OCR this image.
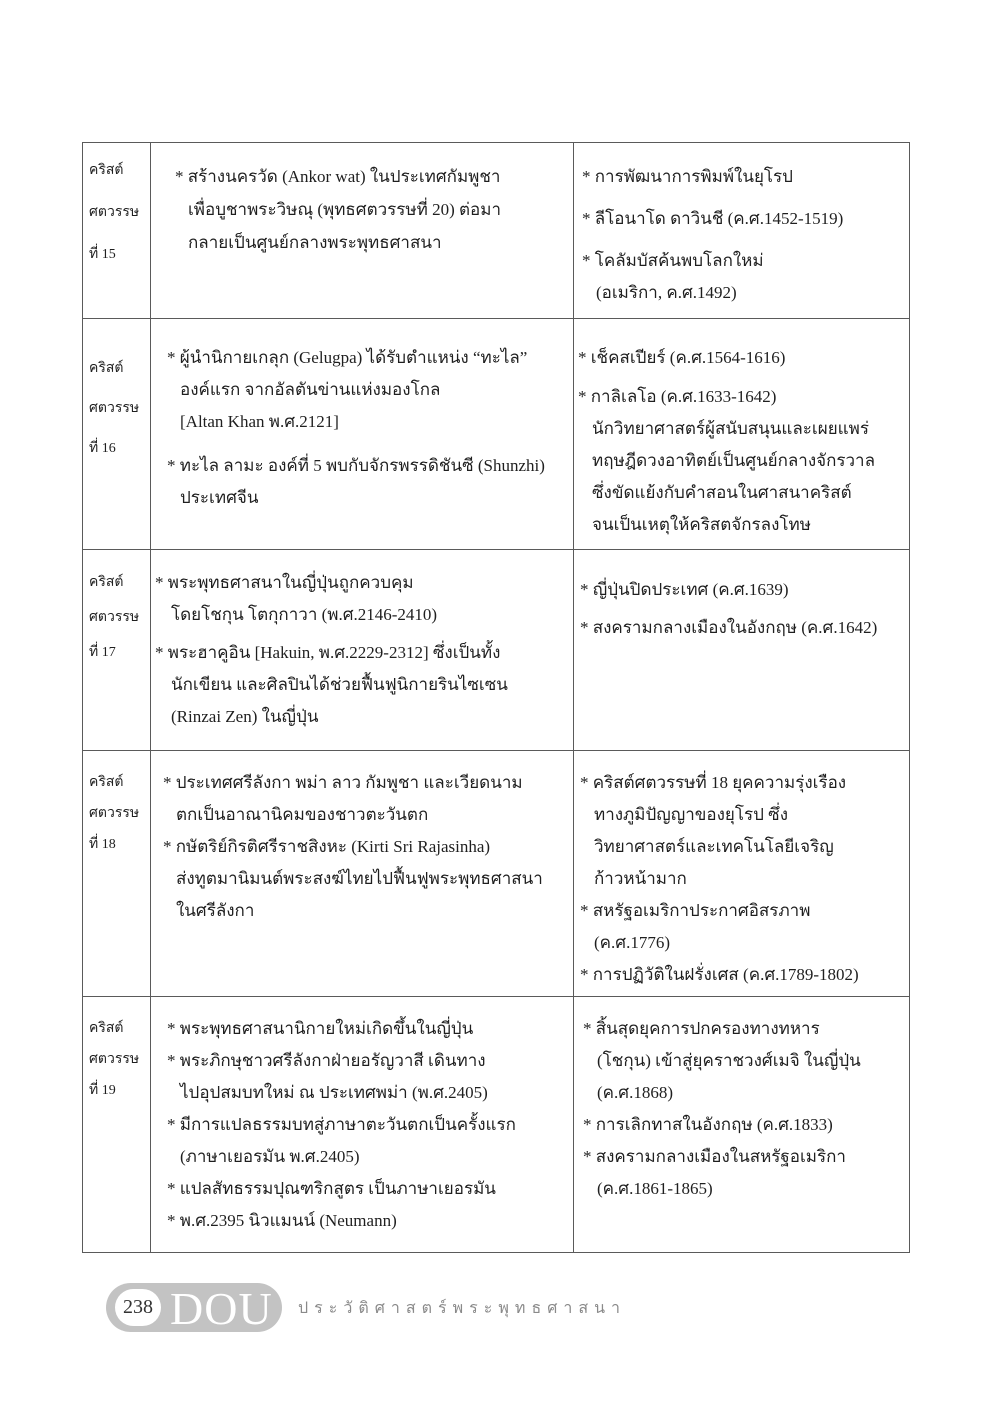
คริสต์
ศตวรรษ
ที่ 15
* สร้างนครวัด (Ankor wat) ในประเทศกัมพูชา
เพื่อบูชาพระวิษณุ (พุทธศตวรรษที่ 20) ต่อมา
กลายเป็นศูนย์กลางพระพุทธศาสนา
* การพัฒนาการพิมพ์ในยุโรป
* ลีโอนาโด ดาวินชี (ค.ศ.1452-1519)
* โคลัมบัสค้นพบโลกใหม่
(อเมริกา, ค.ศ.1492)
คริสต์
ศตวรรษ
ที่ 16
* ผู้นำนิกายเกลุก (Gelugpa) ได้รับตำแหน่ง “ทะไล”
องค์แรก จากอัลตันข่านแห่งมองโกล
[Altan Khan พ.ศ.2121]
* ทะไล ลามะ องค์ที่ 5 พบกับจักรพรรดิชันซี (Shunzhi)
ประเทศจีน
* เช็คสเปียร์ (ค.ศ.1564-1616)
* กาลิเลโอ (ค.ศ.1633-1642)
นักวิทยาศาสตร์ผู้สนับสนุนและเผยแพร่
ทฤษฎีดวงอาทิตย์เป็นศูนย์กลางจักรวาล
ซึ่งขัดแย้งกับคำสอนในศาสนาคริสต์
จนเป็นเหตุให้คริสตจักรลงโทษ
คริสต์
ศตวรรษ
ที่ 17
* พระพุทธศาสนาในญี่ปุ่นถูกควบคุม
โดยโชกุน โตกุกาวา (พ.ศ.2146-2410)
* พระฮาคูอิน [Hakuin, พ.ศ.2229-2312] ซึ่งเป็นทั้ง
นักเขียน และศิลปินได้ช่วยฟื้นฟูนิกายรินไซเซน
(Rinzai Zen) ในญี่ปุ่น
* ญี่ปุ่นปิดประเทศ (ค.ศ.1639)
* สงครามกลางเมืองในอังกฤษ (ค.ศ.1642)
คริสต์
ศตวรรษ
ที่ 18
* ประเทศศรีลังกา พม่า ลาว กัมพูชา และเวียดนาม
ตกเป็นอาณานิคมของชาวตะวันตก
* กษัตริย์กิรติศรีราชสิงหะ (Kirti Sri Rajasinha)
ส่งทูตมานิมนต์พระสงฆ์ไทยไปฟื้นฟูพระพุทธศาสนา
ในศรีลังกา
* คริสต์ศตวรรษที่ 18 ยุคความรุ่งเรือง
ทางภูมิปัญญาของยุโรป ซึ่ง
วิทยาศาสตร์และเทคโนโลยีเจริญ
ก้าวหน้ามาก
* สหรัฐอเมริกาประกาศอิสรภาพ
(ค.ศ.1776)
* การปฏิวัติในฝรั่งเศส (ค.ศ.1789-1802)
คริสต์
ศตวรรษ
ที่ 19
* พระพุทธศาสนานิกายใหม่เกิดขึ้นในญี่ปุ่น
* พระภิกษุชาวศรีลังกาฝ่ายอรัญวาสี เดินทาง
ไปอุปสมบทใหม่ ณ ประเทศพม่า (พ.ศ.2405)
* มีการแปลธรรมบทสู่ภาษาตะวันตกเป็นครั้งแรก
(ภาษาเยอรมัน พ.ศ.2405)
* แปลสัทธรรมปุณฑริกสูตร เป็นภาษาเยอรมัน
* พ.ศ.2395 นิวแมนน์ (Neumann)
* สิ้นสุดยุคการปกครองทางทหาร
(โชกุน) เข้าสู่ยุคราชวงศ์เมจิ ในญี่ปุ่น
(ค.ศ.1868)
* การเลิกทาสในอังกฤษ (ค.ศ.1833)
* สงครามกลางเมืองในสหรัฐอเมริกา
(ค.ศ.1861-1865)
238 DOU ประวัติศาสตร์พระพุทธศาสนา
